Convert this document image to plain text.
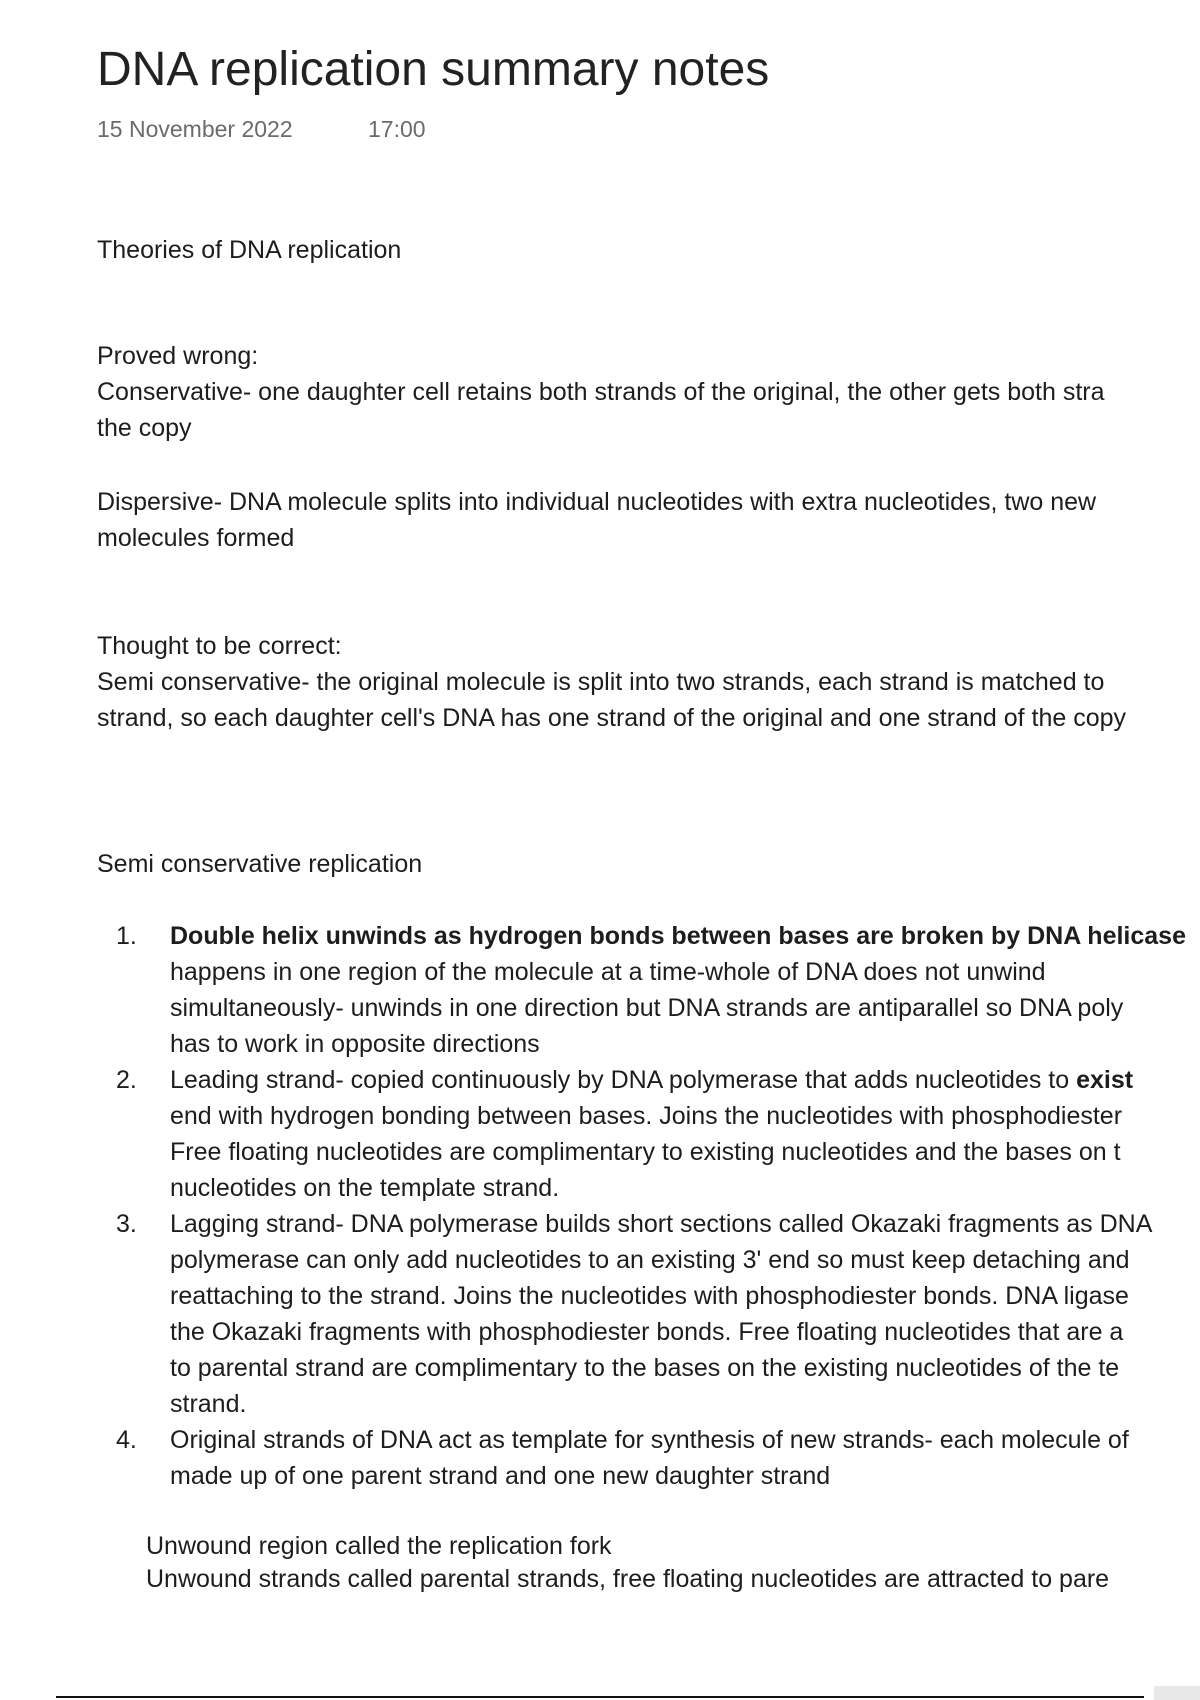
DNA replication summary notes
15 November 2022	17:00
Theories of DNA replication
Proved wrong:
Conservative- one daughter cell retains both strands of the original, the other gets both stra
the copy
Dispersive- DNA molecule splits into individual nucleotides with extra nucleotides, two new
molecules formed
Thought to be correct:
Semi conservative- the original molecule is split into two strands, each strand is matched to
strand, so each daughter cell's DNA has one strand of the original and one strand of the copy
Semi conservative replication
1. Double helix unwinds as hydrogen bonds between bases are broken by DNA helicase
happens in one region of the molecule at a time-whole of DNA does not unwind
simultaneously- unwinds in one direction but DNA strands are antiparallel so DNA poly
has to work in opposite directions
2. Leading strand- copied continuously by DNA polymerase that adds nucleotides to exist
end with hydrogen bonding between bases. Joins the nucleotides with phosphodiester
Free floating nucleotides are complimentary to existing nucleotides and the bases on t
nucleotides on the template strand.
3. Lagging strand- DNA polymerase builds short sections called Okazaki fragments as DNA
polymerase can only add nucleotides to an existing 3' end so must keep detaching and
reattaching to the strand. Joins the nucleotides with phosphodiester bonds. DNA ligase
the Okazaki fragments with phosphodiester bonds. Free floating nucleotides that are a
to parental strand are complimentary to the bases on the existing nucleotides of the te
strand.
4. Original strands of DNA act as template for synthesis of new strands- each molecule of
made up of one parent strand and one new daughter strand
Unwound region called the replication fork
Unwound strands called parental strands, free floating nucleotides are attracted to pare
